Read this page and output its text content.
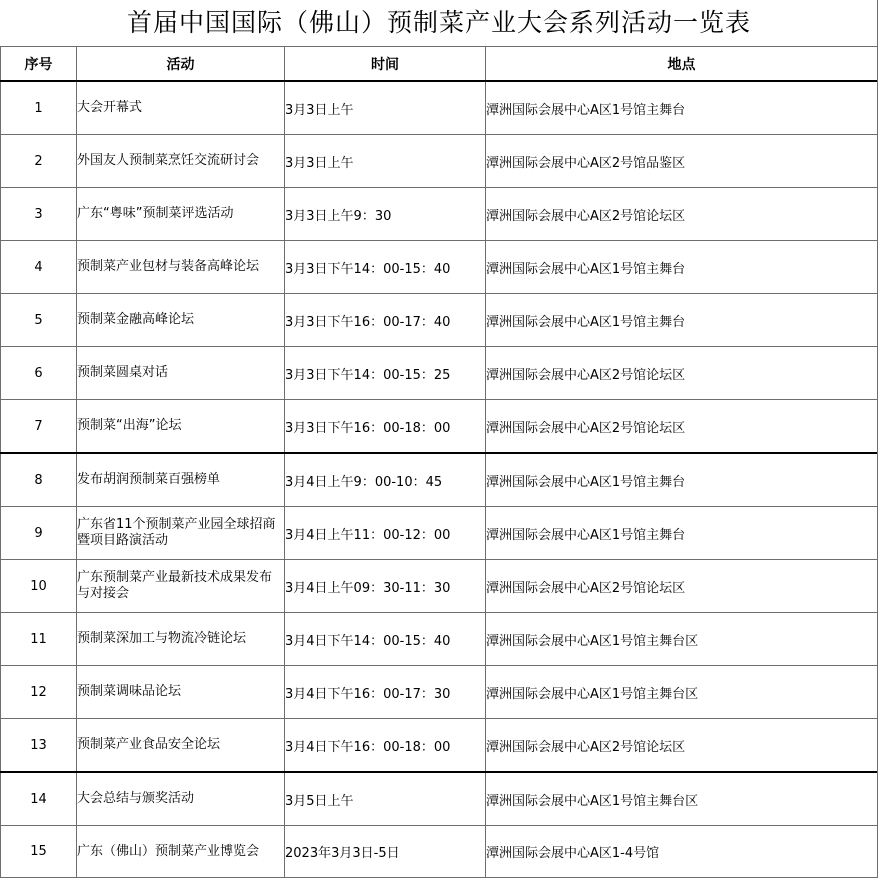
首届中国国际（佛山）预制菜产业大会系列活动一览表
序号	活动	时间	地点
1	大会开幕式	3月3日上午	潭洲国际会展中心A区1号馆主舞台
2	外国友人预制菜烹饪交流研讨会	3月3日上午	潭洲国际会展中心A区2号馆品鉴区
3	广东“粤味”预制菜评选活动	3月3日上午9：30	潭洲国际会展中心A区2号馆论坛区
4	预制菜产业包材与装备高峰论坛	3月3日下午14：00-15：40	潭洲国际会展中心A区1号馆主舞台
5	预制菜金融高峰论坛	3月3日下午16：00-17：40	潭洲国际会展中心A区1号馆主舞台
6	预制菜圆桌对话	3月3日下午14：00-15：25	潭洲国际会展中心A区2号馆论坛区
7	预制菜“出海”论坛	3月3日下午16：00-18：00	潭洲国际会展中心A区2号馆论坛区
8	发布胡润预制菜百强榜单	3月4日上午9：00-10：45	潭洲国际会展中心A区1号馆主舞台
9	广东省11个预制菜产业园全球招商暨项目路演活动	3月4日上午11：00-12：00	潭洲国际会展中心A区1号馆主舞台
10	广东预制菜产业最新技术成果发布与对接会	3月4日上午09：30-11：30	潭洲国际会展中心A区2号馆论坛区
11	预制菜深加工与物流冷链论坛	3月4日下午14：00-15：40	潭洲国际会展中心A区1号馆主舞台区
12	预制菜调味品论坛	3月4日下午16：00-17：30	潭洲国际会展中心A区1号馆主舞台区
13	预制菜产业食品安全论坛	3月4日下午16：00-18：00	潭洲国际会展中心A区2号馆论坛区
14	大会总结与颁奖活动	3月5日上午	潭洲国际会展中心A区1号馆主舞台区
15	广东（佛山）预制菜产业博览会	2023年3月3日-5日	潭洲国际会展中心A区1-4号馆
